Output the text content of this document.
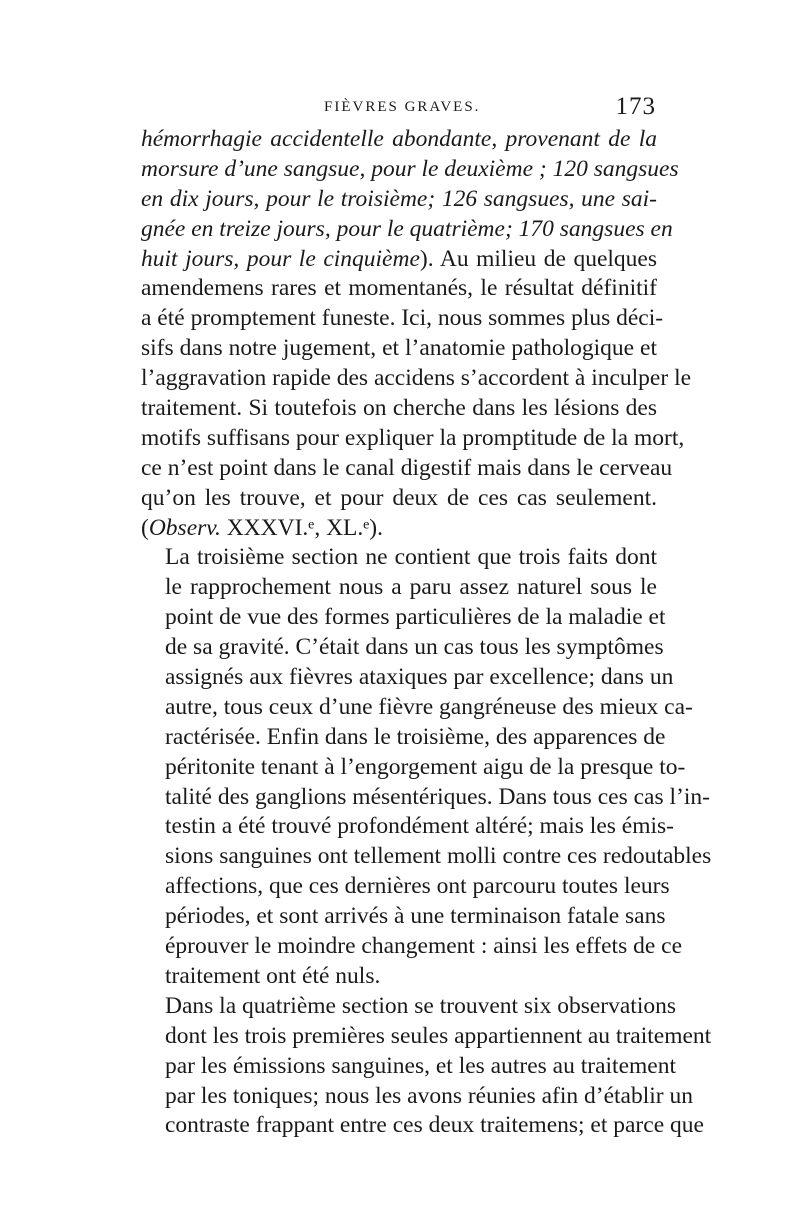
FIÈVRES GRAVES.	173

hémorrhagie accidentelle abondante, provenant de la
morsure d’une sangsue, pour le deuxième ; 120 sangsues
en dix jours, pour le troisième; 126 sangsues, une sai-
gnée en treize jours, pour le quatrième; 170 sangsues en
huit jours, pour le cinquième). Au milieu de quelques
amendemens rares et momentanés, le résultat définitif
a été promptement funeste. Ici, nous sommes plus déci-
sifs dans notre jugement, et l’anatomie pathologique et
l’aggravation rapide des accidens s’accordent à inculper le
traitement. Si toutefois on cherche dans les lésions des
motifs suffisans pour expliquer la promptitude de la mort,
ce n’est point dans le canal digestif mais dans le cerveau
qu’on les trouve, et pour deux de ces cas seulement.
(Observ. XXXVI.ᵉ, XL.ᵉ).

La troisième section ne contient que trois faits dont
le rapprochement nous a paru assez naturel sous le
point de vue des formes particulières de la maladie et
de sa gravité. C’était dans un cas tous les symptômes
assignés aux fièvres ataxiques par excellence; dans un
autre, tous ceux d’une fièvre gangréneuse des mieux ca-
ractérisée. Enfin dans le troisième, des apparences de
péritonite tenant à l’engorgement aigu de la presque to-
talité des ganglions mésentériques. Dans tous ces cas l’in-
testin a été trouvé profondément altéré; mais les émis-
sions sanguines ont tellement molli contre ces redoutables
affections, que ces dernières ont parcouru toutes leurs
périodes, et sont arrivés à une terminaison fatale sans
éprouver le moindre changement : ainsi les effets de ce
traitement ont été nuls.

Dans la quatrième section se trouvent six observations
dont les trois premières seules appartiennent au traitement
par les émissions sanguines, et les autres au traitement
par les toniques; nous les avons réunies afin d’établir un
contraste frappant entre ces deux traitemens; et parce que
